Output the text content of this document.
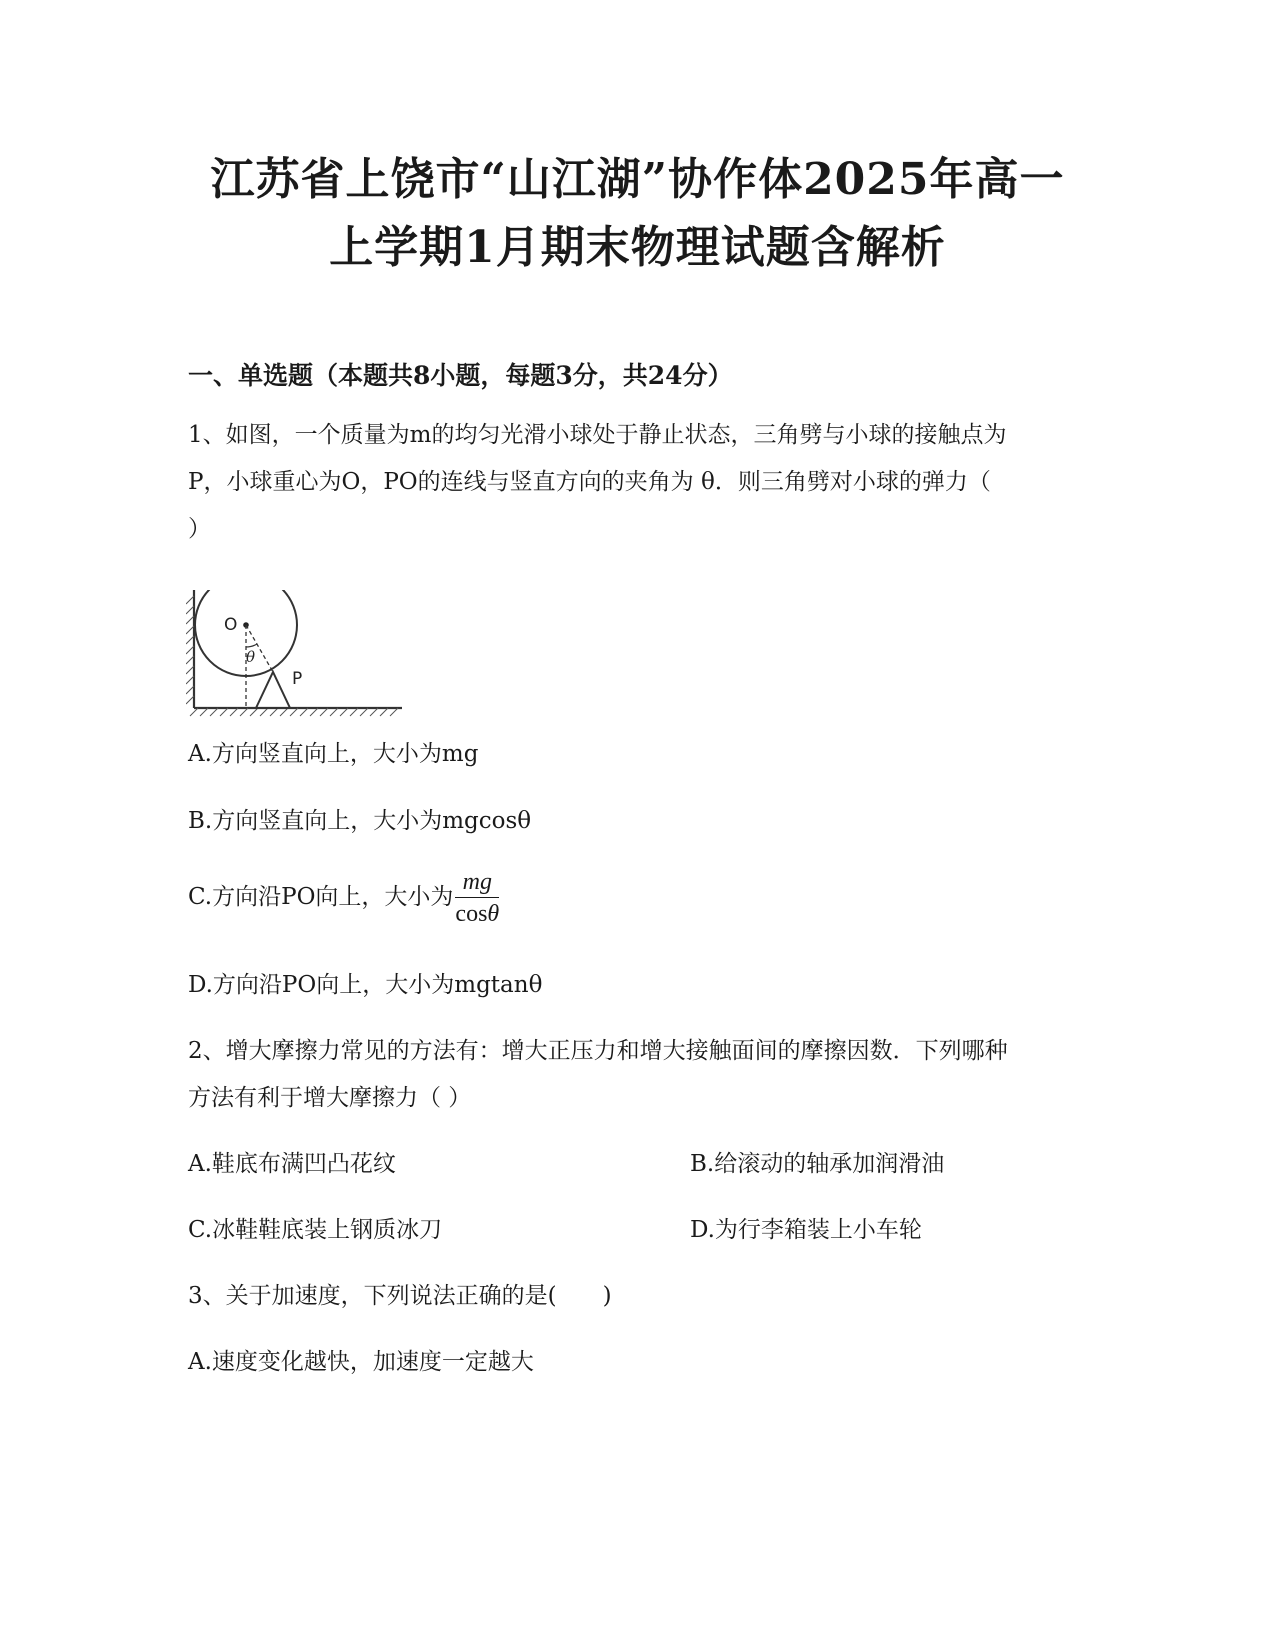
江苏省上饶市“山江湖”协作体2025年高一
上学期1月期末物理试题含解析
一、单选题（本题共8小题，每题3分，共24分）
1、如图，一个质量为m的均匀光滑小球处于静止状态，三角劈与小球的接触点为
P，小球重心为O，PO的连线与竖直方向的夹角为 θ．则三角劈对小球的弹力（
）
O
θ
P
A.方向竖直向上，大小为mg
B.方向竖直向上，大小为mgcosθ
C.方向沿PO向上，大小为 $\frac{mg}{\cos\theta}$
D.方向沿PO向上，大小为mgtanθ
2、增大摩擦力常见的方法有：增大正压力和增大接触面间的摩擦因数．下列哪种
方法有利于增大摩擦力（ ）
A.鞋底布满凹凸花纹	B.给滚动的轴承加润滑油
C.冰鞋鞋底装上钢质冰刀	D.为行李箱装上小车轮
3、关于加速度，下列说法正确的是(　　)
A.速度变化越快，加速度一定越大
